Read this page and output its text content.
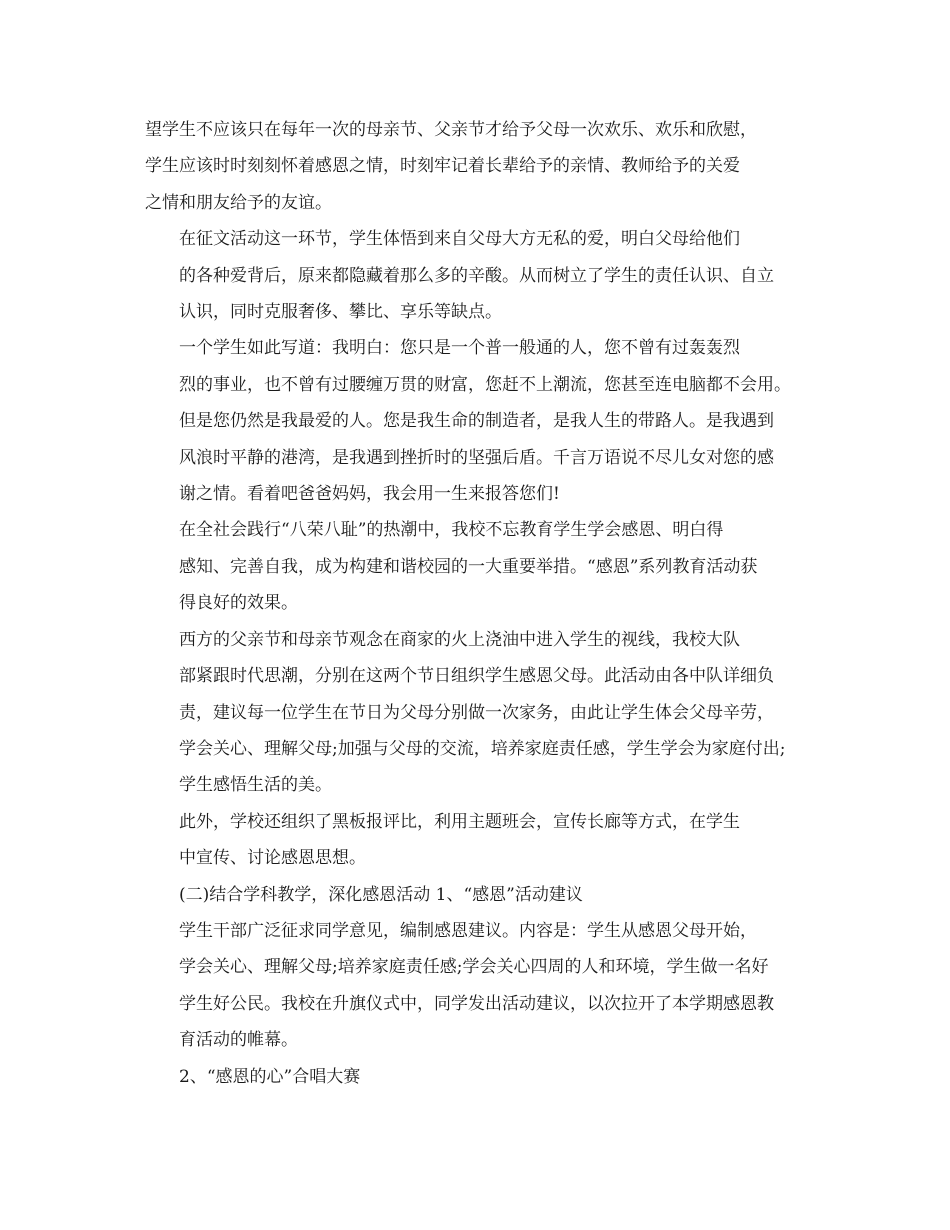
望学生不应该只在每年一次的母亲节、父亲节才给予父母一次欢乐、欢乐和欣慰，
学生应该时时刻刻怀着感恩之情，时刻牢记着长辈给予的亲情、教师给予的关爱
之情和朋友给予的友谊。

在征文活动这一环节，学生体悟到来自父母大方无私的爱，明白父母给他们
的各种爱背后，原来都隐藏着那么多的辛酸。从而树立了学生的责任认识、自立
认识，同时克服奢侈、攀比、享乐等缺点。

一个学生如此写道：我明白：您只是一个普一般通的人，您不曾有过轰轰烈
烈的事业，也不曾有过腰缠万贯的财富，您赶不上潮流，您甚至连电脑都不会用。
但是您仍然是我最爱的人。您是我生命的制造者，是我人生的带路人。是我遇到
风浪时平静的港湾，是我遇到挫折时的坚强后盾。千言万语说不尽儿女对您的感
谢之情。看着吧爸爸妈妈，我会用一生来报答您们!

在全社会践行“八荣八耻”的热潮中，我校不忘教育学生学会感恩、明白得
感知、完善自我，成为构建和谐校园的一大重要举措。“感恩”系列教育活动获
得良好的效果。

西方的父亲节和母亲节观念在商家的火上浇油中进入学生的视线，我校大队
部紧跟时代思潮，分别在这两个节日组织学生感恩父母。此活动由各中队详细负
责，建议每一位学生在节日为父母分别做一次家务，由此让学生体会父母辛劳，
学会关心、理解父母;加强与父母的交流，培养家庭责任感，学生学会为家庭付出;
学生感悟生活的美。

此外，学校还组织了黑板报评比，利用主题班会，宣传长廊等方式，在学生
中宣传、讨论感恩思想。

(二)结合学科教学，深化感恩活动 1、“感恩”活动建议

学生干部广泛征求同学意见，编制感恩建议。内容是：学生从感恩父母开始，
学会关心、理解父母;培养家庭责任感;学会关心四周的人和环境，学生做一名好
学生好公民。我校在升旗仪式中，同学发出活动建议，以次拉开了本学期感恩教
育活动的帷幕。

2、“感恩的心”合唱大赛
